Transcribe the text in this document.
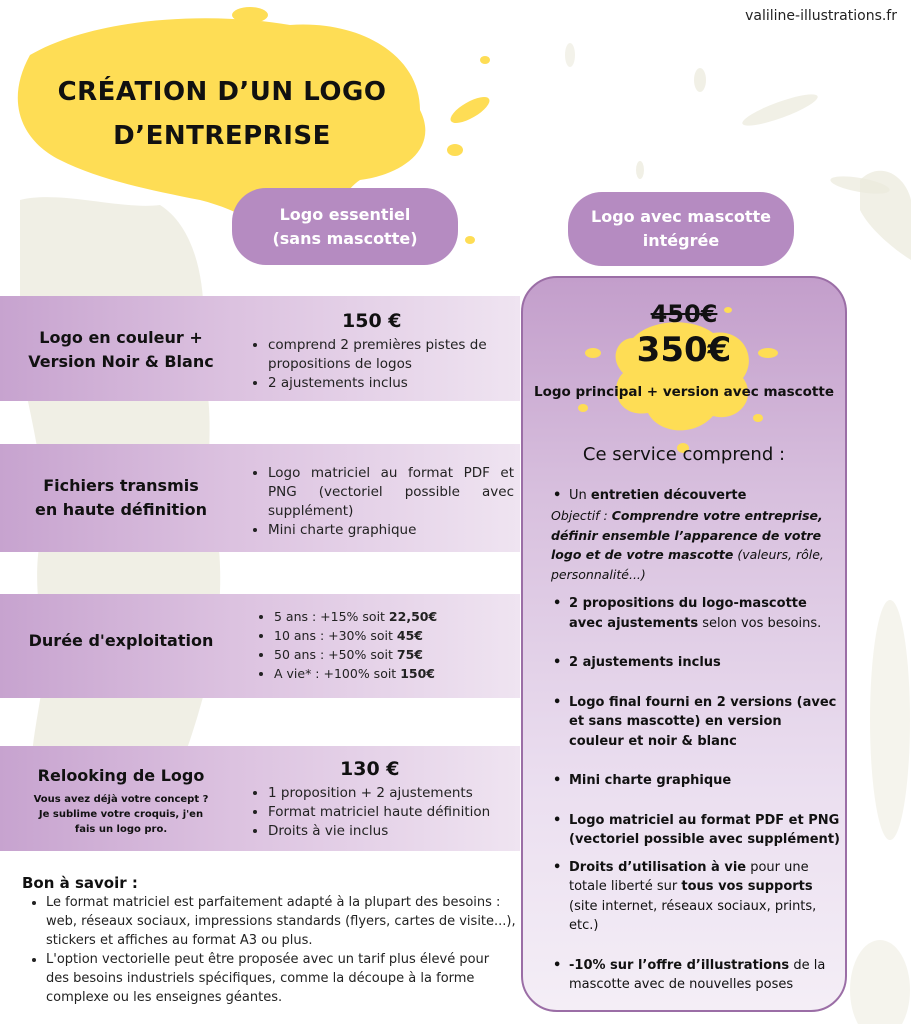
valiline-illustrations.fr
CRÉATION D’UN LOGO
D’ENTREPRISE
Logo essentiel
(sans mascotte)
Logo avec mascotte
intégrée
Logo en couleur +
Version Noir & Blanc
150 €
• comprend 2 premières pistes de propositions de logos
• 2 ajustements inclus
Fichiers transmis
en haute définition
• Logo matriciel au format PDF et PNG (vectoriel possible avec supplément)
• Mini charte graphique
Durée d'exploitation
• 5 ans : +15% soit 22,50€
• 10 ans : +30% soit 45€
• 50 ans : +50% soit 75€
• A vie* : +100% soit 150€
Relooking de Logo
Vous avez déjà votre concept ?
Je sublime votre croquis, j'en
fais un logo pro.
130 €
• 1 proposition + 2 ajustements
• Format matriciel haute définition
• Droits à vie inclus
450€
350€
Logo principal + version avec mascotte
Ce service comprend :
• Un entretien découverte
Objectif : Comprendre votre entreprise, définir ensemble l’apparence de votre logo et de votre mascotte (valeurs, rôle, personnalité...)
• 2 propositions du logo-mascotte avec ajustements selon vos besoins.
• 2 ajustements inclus
• Logo final fourni en 2 versions (avec et sans mascotte) en version couleur et noir & blanc
• Mini charte graphique
• Logo matriciel au format PDF et PNG (vectoriel possible avec supplément)
• Droits d’utilisation à vie pour une totale liberté sur tous vos supports (site internet, réseaux sociaux, prints, etc.)
• -10% sur l’offre d’illustrations de la mascotte avec de nouvelles poses
Bon à savoir :
• Le format matriciel est parfaitement adapté à la plupart des besoins : web, réseaux sociaux, impressions standards (flyers, cartes de visite...), stickers et affiches au format A3 ou plus.
• L'option vectorielle peut être proposée avec un tarif plus élevé pour des besoins industriels spécifiques, comme la découpe à la forme complexe ou les enseignes géantes.
